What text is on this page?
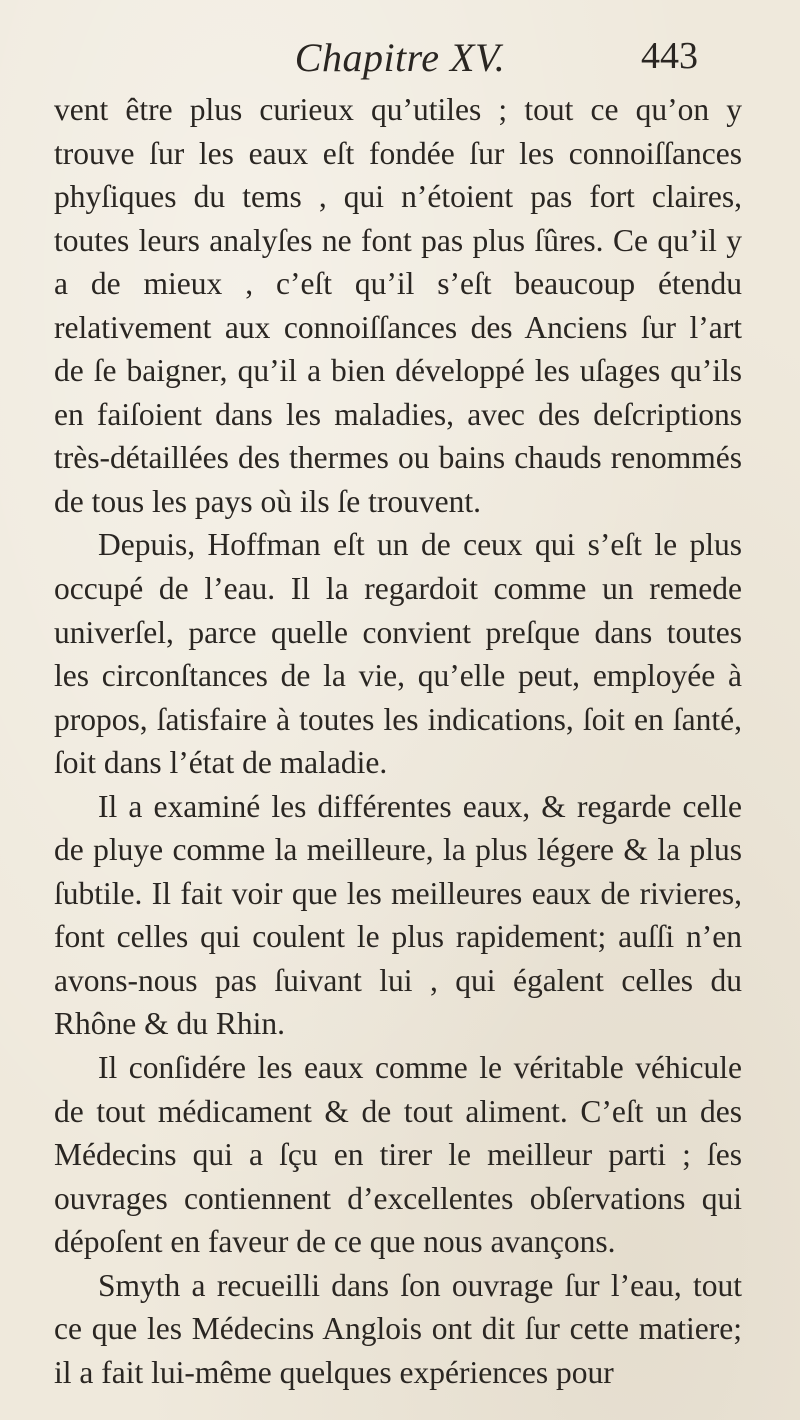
Chapitre XV.	443

vent être plus curieux qu’utiles ; tout ce qu’on y trouve ſur les eaux eſt fondée ſur les connoiſſances phyſiques du tems , qui n’étoient pas fort claires, toutes leurs analyſes ne font pas plus ſûres. Ce qu’il y a de mieux , c’eſt qu’il s’eſt beaucoup étendu relativement aux connoiſſances des Anciens ſur l’art de ſe baigner, qu’il a bien développé les uſages qu’ils en faiſoient dans les maladies, avec des deſcriptions très-détaillées des thermes ou bains chauds renommés de tous les pays où ils ſe trouvent.

Depuis, Hoffman eſt un de ceux qui s’eſt le plus occupé de l’eau. Il la regardoit comme un remede univerſel, parce quelle convient preſque dans toutes les circonſtances de la vie, qu’elle peut, employée à propos, ſatisfaire à toutes les indications, ſoit en ſanté, ſoit dans l’état de maladie.

Il a examiné les différentes eaux, & regarde celle de pluye comme la meilleure, la plus légere & la plus ſubtile. Il fait voir que les meilleures eaux de rivieres, font celles qui coulent le plus rapidement; auſſi n’en avons-nous pas ſuivant lui , qui égalent celles du Rhône & du Rhin.

Il conſidére les eaux comme le véritable véhicule de tout médicament & de tout aliment. C’eſt un des Médecins qui a ſçu en tirer le meilleur parti ; ſes ouvrages contiennent d’excellentes obſervations qui dépoſent en faveur de ce que nous avançons.

Smyth a recueilli dans ſon ouvrage ſur l’eau, tout ce que les Médecins Anglois ont dit ſur cette matiere; il a fait lui-même quelques expériences pour
